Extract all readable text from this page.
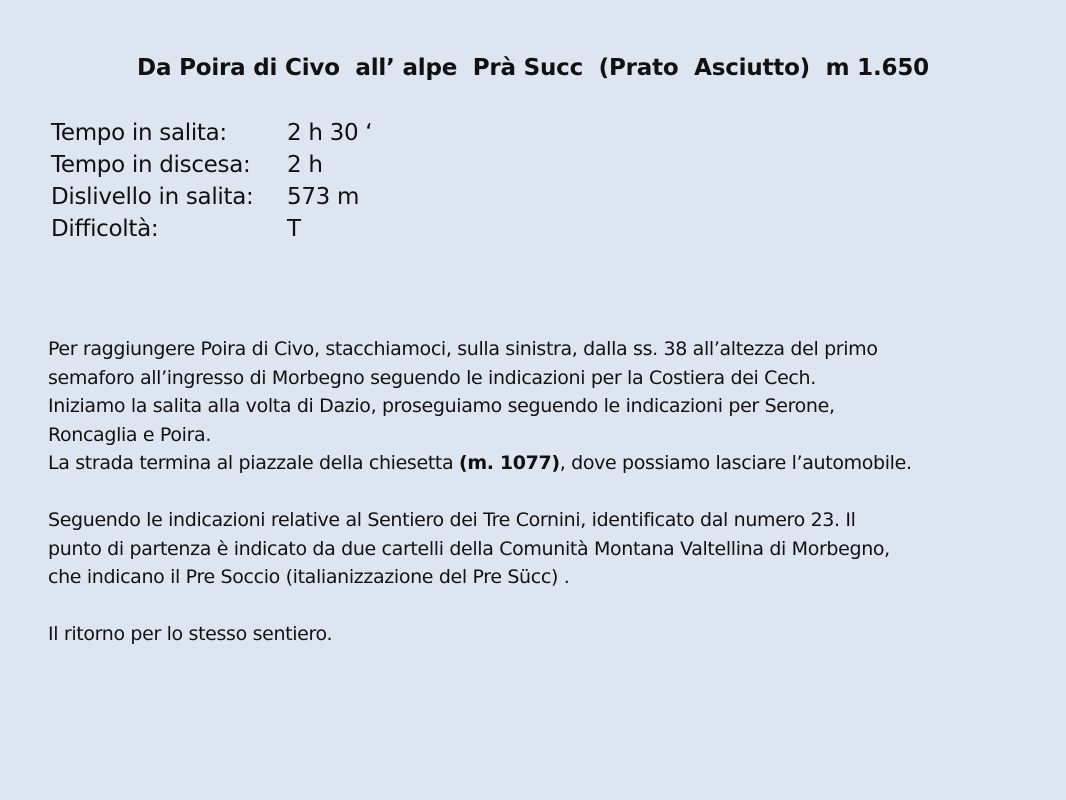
Da Poira di Civo  all’ alpe  Prà Succ  (Prato  Asciutto)  m 1.650
Tempo in salita:	2 h 30 ‘
Tempo in discesa:	2 h
Dislivello in salita:	573 m
Difficoltà:	T
Per raggiungere Poira di Civo, stacchiamoci, sulla sinistra, dalla ss. 38 all’altezza del primo
semaforo all’ingresso di Morbegno seguendo le indicazioni per la Costiera dei Cech.
Iniziamo la salita alla volta di Dazio, proseguiamo seguendo le indicazioni per Serone,
Roncaglia e Poira.
La strada termina al piazzale della chiesetta (m. 1077), dove possiamo lasciare l’automobile.
Seguendo le indicazioni relative al Sentiero dei Tre Cornini, identificato dal numero 23. Il
punto di partenza è indicato da due cartelli della Comunità Montana Valtellina di Morbegno,
che indicano il Pre Soccio (italianizzazione del Pre Sücc) .
Il ritorno per lo stesso sentiero.
